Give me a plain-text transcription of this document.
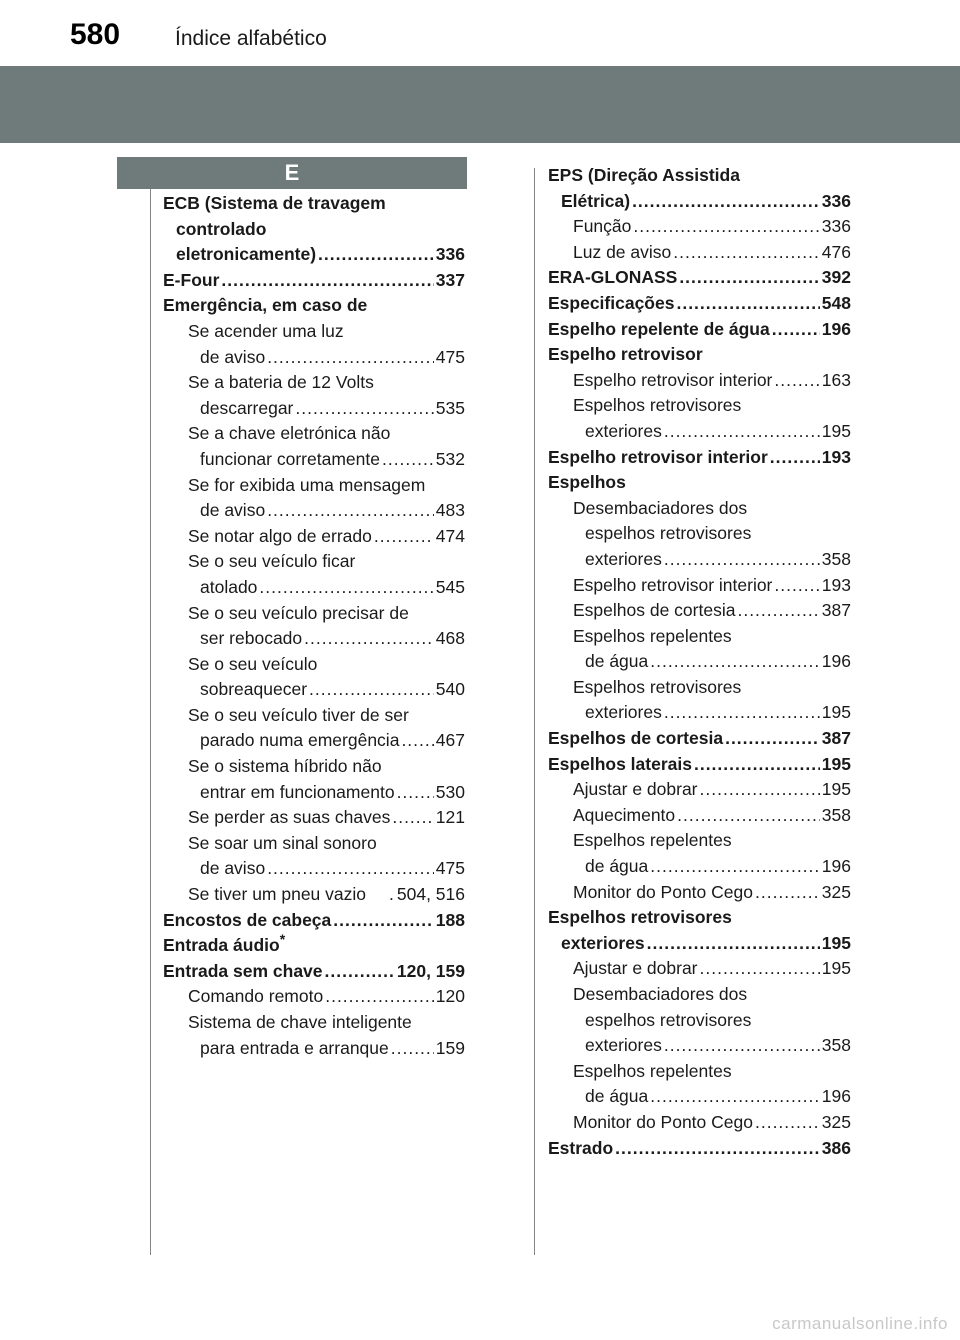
580	Índice alfabético
E
ECB (Sistema de travagem
controlado
eletronicamente) .....	336
E-Four .....	337
Emergência, em caso de
Se acender uma luz
de aviso .....	475
Se a bateria de 12 Volts
descarregar .....	535
Se a chave eletrónica não
funcionar corretamente .....	532
Se for exibida uma mensagem
de aviso .....	483
Se notar algo de errado .....	474
Se o seu veículo ficar
atolado .....	545
Se o seu veículo precisar de
ser rebocado .....	468
Se o seu veículo
sobreaquecer .....	540
Se o seu veículo tiver de ser
parado numa emergência ..... 467
Se o sistema híbrido não
entrar em funcionamento ..... 530
Se perder as suas chaves .....	121
Se soar um sinal sonoro
de aviso .....	475
Se tiver um pneu vazio . 504, 516
Encostos de cabeça .....	188
Entrada áudio *
Entrada sem chave .....	120, 159
Comando remoto .....	120
Sistema de chave inteligente
para entrada e arranque .....	159
EPS (Direção Assistida
Elétrica) .....	336
Função .....	336
Luz de aviso .....	476
ERA-GLONASS .....	392
Especificações .....	548
Espelho repelente de água .....	196
Espelho retrovisor
Espelho retrovisor interior .....	163
Espelhos retrovisores
exteriores .....	195
Espelho retrovisor interior .....	193
Espelhos
Desembaciadores dos
espelhos retrovisores
exteriores .....	358
Espelho retrovisor interior .....	193
Espelhos de cortesia .....	387
Espelhos repelentes
de água .....	196
Espelhos retrovisores
exteriores .....	195
Espelhos de cortesia .....	387
Espelhos laterais .....	195
Ajustar e dobrar .....	195
Aquecimento .....	358
Espelhos repelentes
de água .....	196
Monitor do Ponto Cego .....	325
Espelhos retrovisores
exteriores .....	195
Ajustar e dobrar .....	195
Desembaciadores dos
espelhos retrovisores
exteriores .....	358
Espelhos repelentes
de água .....	196
Monitor do Ponto Cego .....	325
Estrado .....	386
carmanualsonline.info
